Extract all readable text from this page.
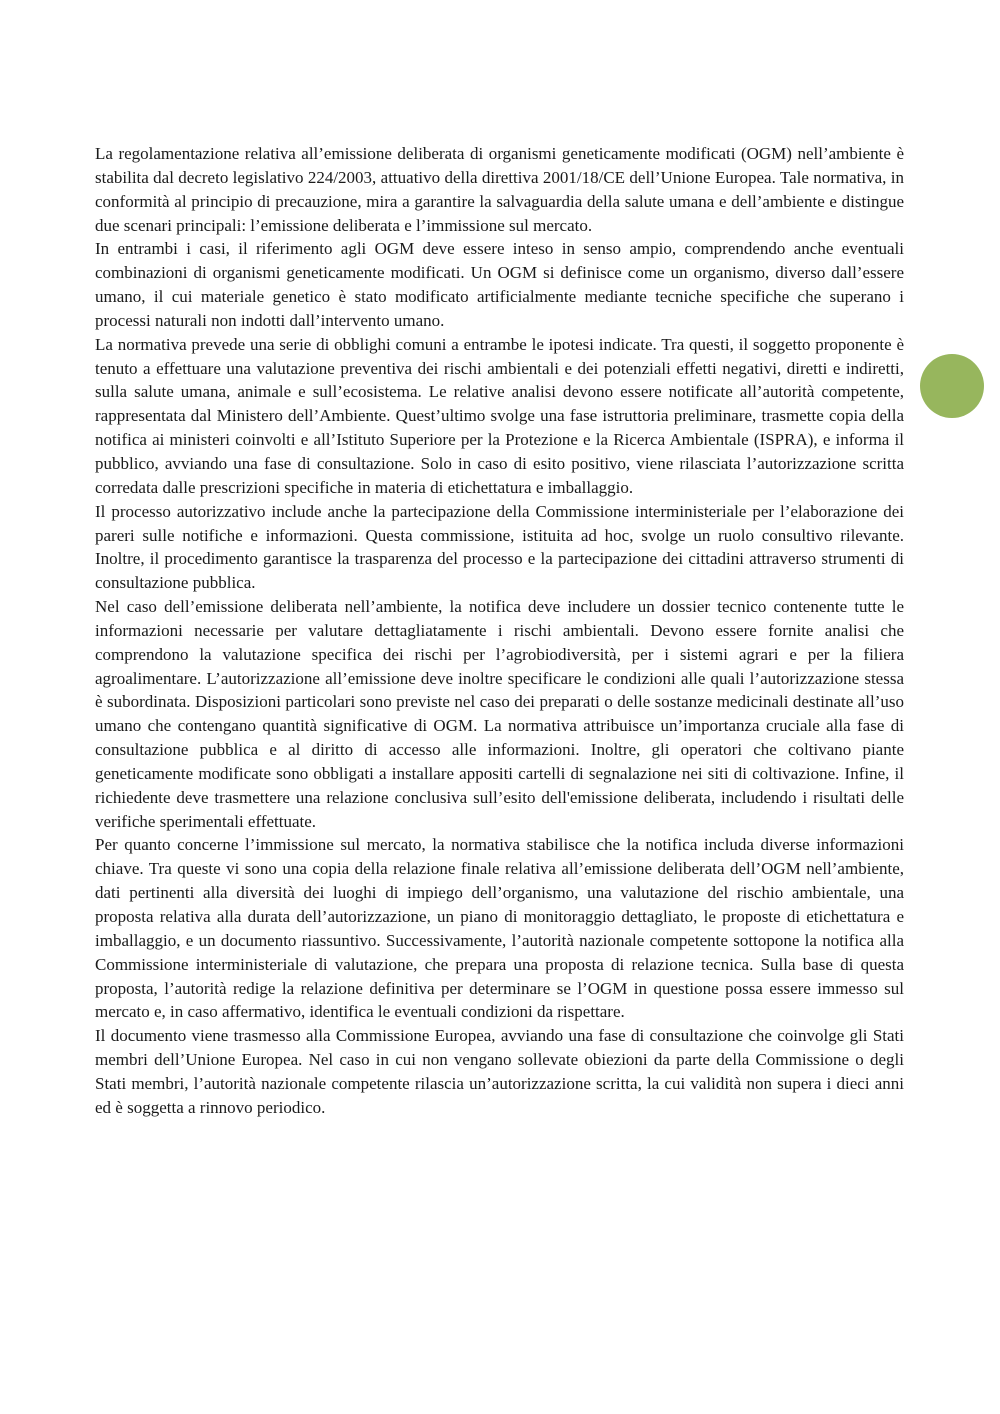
La regolamentazione relativa all’emissione deliberata di organismi geneticamente modificati (OGM) nell’ambiente è stabilita dal decreto legislativo 224/2003, attuativo della direttiva 2001/18/CE dell’Unione Europea. Tale normativa, in conformità al principio di precauzione, mira a garantire la salvaguardia della salute umana e dell’ambiente e distingue due scenari principali: l’emissione deliberata e l’immissione sul mercato.

In entrambi i casi, il riferimento agli OGM deve essere inteso in senso ampio, comprendendo anche eventuali combinazioni di organismi geneticamente modificati. Un OGM si definisce come un organismo, diverso dall’essere umano, il cui materiale genetico è stato modificato artificialmente mediante tecniche specifiche che superano i processi naturali non indotti dall’intervento umano.

La normativa prevede una serie di obblighi comuni a entrambe le ipotesi indicate. Tra questi, il soggetto proponente è tenuto a effettuare una valutazione preventiva dei rischi ambientali e dei potenziali effetti negativi, diretti e indiretti, sulla salute umana, animale e sull’ecosistema. Le relative analisi devono essere notificate all’autorità competente, rappresentata dal Ministero dell’Ambiente. Quest’ultimo svolge una fase istruttoria preliminare, trasmette copia della notifica ai ministeri coinvolti e all’Istituto Superiore per la Protezione e la Ricerca Ambientale (ISPRA), e informa il pubblico, avviando una fase di consultazione. Solo in caso di esito positivo, viene rilasciata l’autorizzazione scritta corredata dalle prescrizioni specifiche in materia di etichettatura e imballaggio.

Il processo autorizzativo include anche la partecipazione della Commissione interministeriale per l’elaborazione dei pareri sulle notifiche e informazioni. Questa commissione, istituita ad hoc, svolge un ruolo consultivo rilevante. Inoltre, il procedimento garantisce la trasparenza del processo e la partecipazione dei cittadini attraverso strumenti di consultazione pubblica.

Nel caso dell’emissione deliberata nell’ambiente, la notifica deve includere un dossier tecnico contenente tutte le informazioni necessarie per valutare dettagliatamente i rischi ambientali. Devono essere fornite analisi che comprendono la valutazione specifica dei rischi per l’agrobiodiversità, per i sistemi agrari e per la filiera agroalimentare. L’autorizzazione all’emissione deve inoltre specificare le condizioni alle quali l’autorizzazione stessa è subordinata. Disposizioni particolari sono previste nel caso dei preparati o delle sostanze medicinali destinate all’uso umano che contengano quantità significative di OGM. La normativa attribuisce un’importanza cruciale alla fase di consultazione pubblica e al diritto di accesso alle informazioni. Inoltre, gli operatori che coltivano piante geneticamente modificate sono obbligati a installare appositi cartelli di segnalazione nei siti di coltivazione. Infine, il richiedente deve trasmettere una relazione conclusiva sull’esito dell'emissione deliberata, includendo i risultati delle verifiche sperimentali effettuate.

Per quanto concerne l’immissione sul mercato, la normativa stabilisce che la notifica includa diverse informazioni chiave. Tra queste vi sono una copia della relazione finale relativa all’emissione deliberata dell’OGM nell’ambiente, dati pertinenti alla diversità dei luoghi di impiego dell’organismo, una valutazione del rischio ambientale, una proposta relativa alla durata dell’autorizzazione, un piano di monitoraggio dettagliato, le proposte di etichettatura e imballaggio, e un documento riassuntivo. Successivamente, l’autorità nazionale competente sottopone la notifica alla Commissione interministeriale di valutazione, che prepara una proposta di relazione tecnica. Sulla base di questa proposta, l’autorità redige la relazione definitiva per determinare se l’OGM in questione possa essere immesso sul mercato e, in caso affermativo, identifica le eventuali condizioni da rispettare.

Il documento viene trasmesso alla Commissione Europea, avviando una fase di consultazione che coinvolge gli Stati membri dell’Unione Europea. Nel caso in cui non vengano sollevate obiezioni da parte della Commissione o degli Stati membri, l’autorità nazionale competente rilascia un’autorizzazione scritta, la cui validità non supera i dieci anni ed è soggetta a rinnovo periodico.
